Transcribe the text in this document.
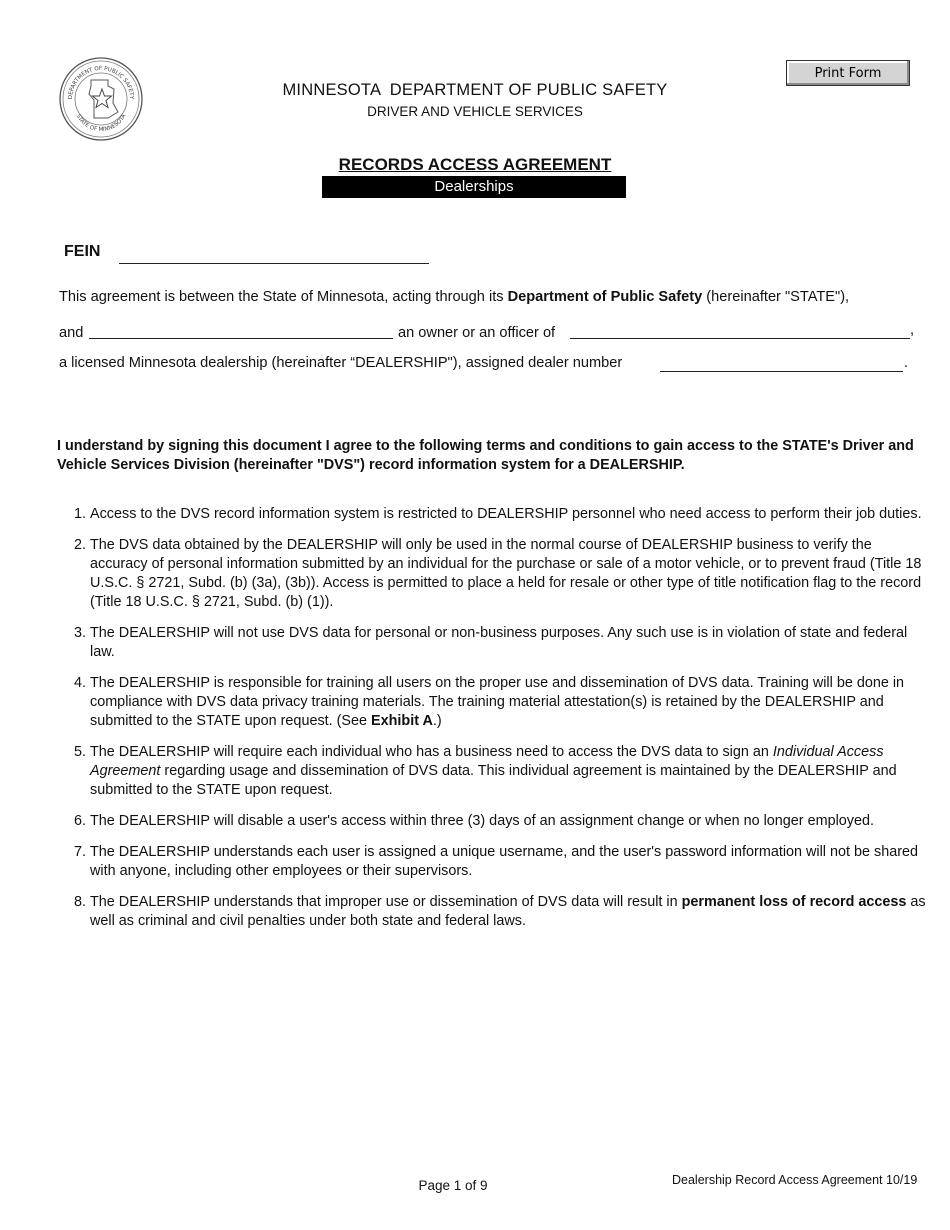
DEPARTMENT OF PUBLIC SAFETY
STATE OF MINNESOTA
Print Form
MINNESOTA  DEPARTMENT OF PUBLIC SAFETY
DRIVER AND VEHICLE SERVICES
RECORDS ACCESS AGREEMENT
Dealerships
FEIN
This agreement is between the State of Minnesota, acting through its Department of Public Safety (hereinafter "STATE"),
and	an owner or an officer of	,
a licensed Minnesota dealership (hereinafter “DEALERSHIP"), assigned dealer number	.
I understand by signing this document I agree to the following terms and conditions to gain access to the STATE's Driver and Vehicle Services Division (hereinafter "DVS") record information system for a DEALERSHIP.
1. Access to the DVS record information system is restricted to DEALERSHIP personnel who need access to perform their job duties.
2. The DVS data obtained by the DEALERSHIP will only be used in the normal course of DEALERSHIP business to verify the accuracy of personal information submitted by an individual for the purchase or sale of a motor vehicle, or to prevent fraud (Title 18 U.S.C. § 2721, Subd. (b) (3a), (3b)). Access is permitted to place a held for resale or other type of title notification flag to the record (Title 18 U.S.C. § 2721, Subd. (b) (1)).
3. The DEALERSHIP will not use DVS data for personal or non-business purposes. Any such use is in violation of state and federal law.
4. The DEALERSHIP is responsible for training all users on the proper use and dissemination of DVS data. Training will be done in compliance with DVS data privacy training materials. The training material attestation(s) is retained by the DEALERSHIP and submitted to the STATE upon request. (See Exhibit A.)
5. The DEALERSHIP will require each individual who has a business need to access the DVS data to sign an Individual Access Agreement regarding usage and dissemination of DVS data. This individual agreement is maintained by the DEALERSHIP and submitted to the STATE upon request.
6. The DEALERSHIP will disable a user's access within three (3) days of an assignment change or when no longer employed.
7. The DEALERSHIP understands each user is assigned a unique username, and the user's password information will not be shared with anyone, including other employees or their supervisors.
8. The DEALERSHIP understands that improper use or dissemination of DVS data will result in permanent loss of record access as well as criminal and civil penalties under both state and federal laws.
Page 1 of 9	Dealership Record Access Agreement 10/19
